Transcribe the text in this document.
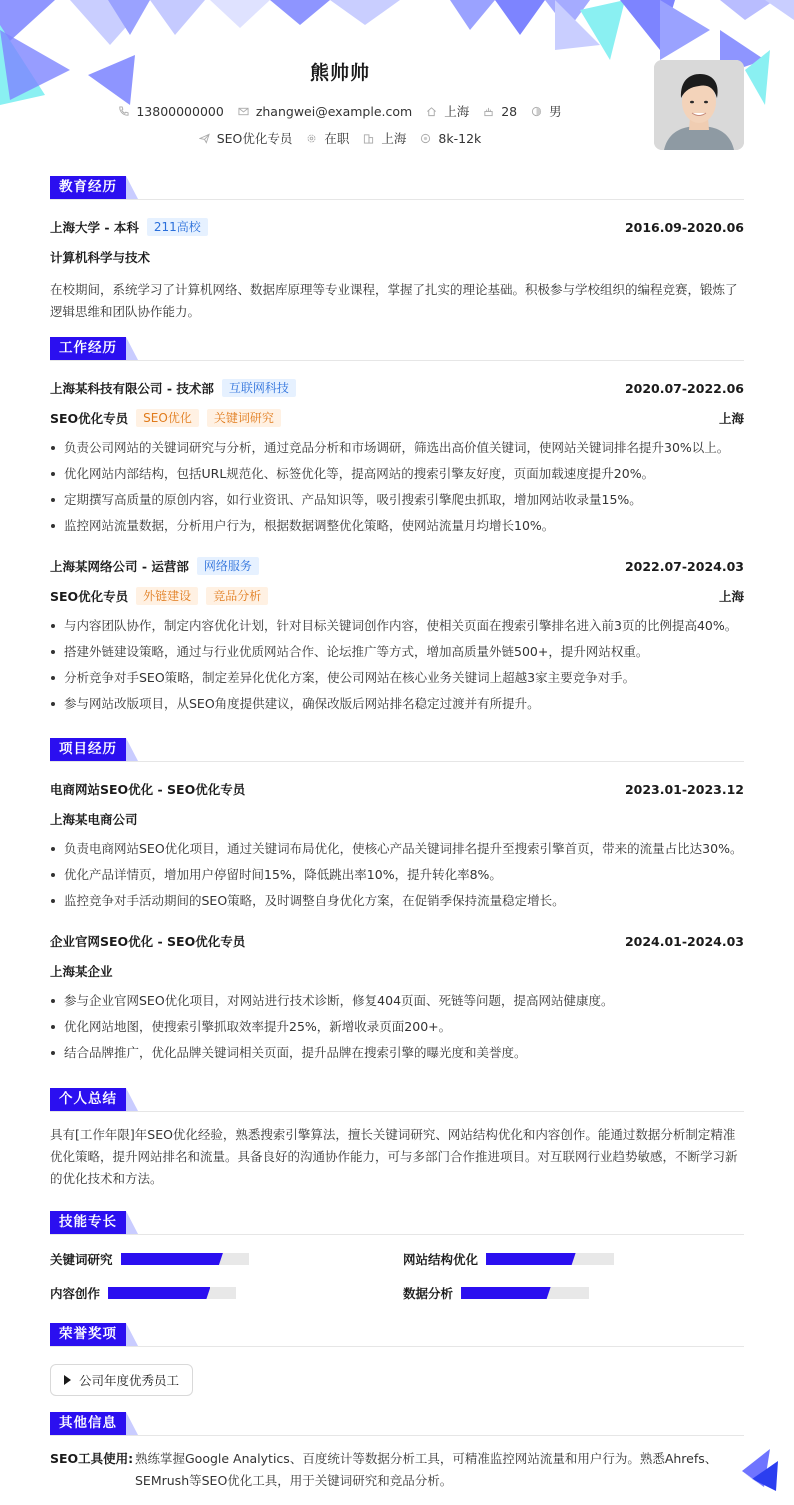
熊帅帅
13800000000	zhangwei@example.com	上海	28	男
SEO优化专员	在职	上海	8k-12k
教育经历
上海大学 - 本科	211高校	2016.09-2020.06
计算机科学与技术
在校期间，系统学习了计算机网络、数据库原理等专业课程，掌握了扎实的理论基础。积极参与学校组织的编程竞赛，锻炼了逻辑思维和团队协作能力。
工作经历
上海某科技有限公司 - 技术部	互联网科技	2020.07-2022.06
SEO优化专员	SEO优化	关键词研究	上海
负责公司网站的关键词研究与分析，通过竞品分析和市场调研，筛选出高价值关键词，使网站关键词排名提升30%以上。
优化网站内部结构，包括URL规范化、标签优化等，提高网站的搜索引擎友好度，页面加载速度提升20%。
定期撰写高质量的原创内容，如行业资讯、产品知识等，吸引搜索引擎爬虫抓取，增加网站收录量15%。
监控网站流量数据，分析用户行为，根据数据调整优化策略，使网站流量月均增长10%。
上海某网络公司 - 运营部	网络服务	2022.07-2024.03
SEO优化专员	外链建设	竞品分析	上海
与内容团队协作，制定内容优化计划，针对目标关键词创作内容，使相关页面在搜索引擎排名进入前3页的比例提高40%。
搭建外链建设策略，通过与行业优质网站合作、论坛推广等方式，增加高质量外链500+，提升网站权重。
分析竞争对手SEO策略，制定差异化优化方案，使公司网站在核心业务关键词上超越3家主要竞争对手。
参与网站改版项目，从SEO角度提供建议，确保改版后网站排名稳定过渡并有所提升。
项目经历
电商网站SEO优化 - SEO优化专员	2023.01-2023.12
上海某电商公司
负责电商网站SEO优化项目，通过关键词布局优化，使核心产品关键词排名提升至搜索引擎首页，带来的流量占比达30%。
优化产品详情页，增加用户停留时间15%，降低跳出率10%，提升转化率8%。
监控竞争对手活动期间的SEO策略，及时调整自身优化方案，在促销季保持流量稳定增长。
企业官网SEO优化 - SEO优化专员	2024.01-2024.03
上海某企业
参与企业官网SEO优化项目，对网站进行技术诊断，修复404页面、死链等问题，提高网站健康度。
优化网站地图，使搜索引擎抓取效率提升25%，新增收录页面200+。
结合品牌推广，优化品牌关键词相关页面，提升品牌在搜索引擎的曝光度和美誉度。
个人总结
具有[工作年限]年SEO优化经验，熟悉搜索引擎算法，擅长关键词研究、网站结构优化和内容创作。能通过数据分析制定精准优化策略，提升网站排名和流量。具备良好的沟通协作能力，可与多部门合作推进项目。对互联网行业趋势敏感，不断学习新的优化技术和方法。
技能专长
关键词研究	网站结构优化
内容创作	数据分析
荣誉奖项
公司年度优秀员工
其他信息
SEO工具使用: 熟练掌握Google Analytics、百度统计等数据分析工具，可精准监控网站流量和用户行为。熟悉Ahrefs、SEMrush等SEO优化工具，用于关键词研究和竞品分析。
